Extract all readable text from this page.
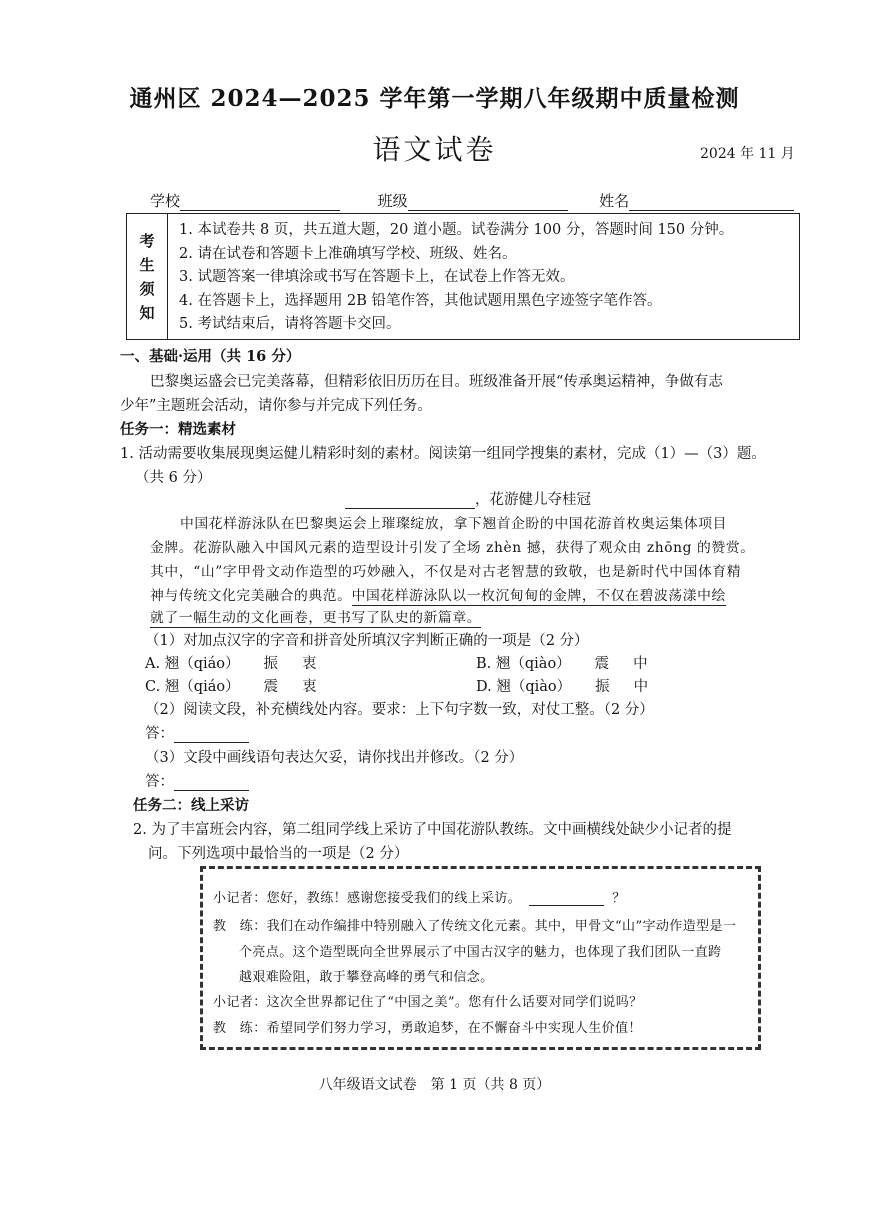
通州区 2024—2025 学年第一学期八年级期中质量检测
语文试卷	2024 年 11 月
学校	班级	姓名
考
生
须
知
1. 本试卷共 8 页，共五道大题，20 道小题。试卷满分 100 分，答题时间 150 分钟。
2. 请在试卷和答题卡上准确填写学校、班级、姓名。
3. 试题答案一律填涂或书写在答题卡上，在试卷上作答无效。
4. 在答题卡上，选择题用 2B 铅笔作答，其他试题用黑色字迹签字笔作答。
5. 考试结束后，请将答题卡交回。
一、基础·运用（共 16 分）
巴黎奥运盛会已完美落幕，但精彩依旧历历在目。班级准备开展“传承奥运精神，争做有志
少年”主题班会活动，请你参与并完成下列任务。
任务一：精选素材
1. 活动需要收集展现奥运健儿精彩时刻的素材。阅读第一组同学搜集的素材，完成（1）—（3）题。
（共 6 分）
，花游健儿夺桂冠
中国花样游泳队在巴黎奥运会上璀璨绽放，拿下翘首企盼的中国花游首枚奥运集体项目
金牌。花游队融入中国风元素的造型设计引发了全场 zhèn 撼，获得了观众由 zhōng 的赞赏。
其中，“山”字甲骨文动作造型的巧妙融入，不仅是对古老智慧的致敬，也是新时代中国体育精
神与传统文化完美融合的典范。中国花样游泳队以一枚沉甸甸的金牌，不仅在碧波荡漾中绘
就了一幅生动的文化画卷，更书写了队史的新篇章。
（1）对加点汉字的字音和拼音处所填汉字判断正确的一项是（2 分）
A. 翘（qiáo） 振 衷	B. 翘（qiào） 震 中
C. 翘（qiáo） 震 衷	D. 翘（qiào） 振 中
（2）阅读文段，补充横线处内容。要求：上下句字数一致，对仗工整。（2 分）
答：
（3）文段中画线语句表达欠妥，请你找出并修改。（2 分）
答：
任务二：线上采访
2. 为了丰富班会内容，第二组同学线上采访了中国花游队教练。文中画横线处缺少小记者的提
问。下列选项中最恰当的一项是（2 分）
小记者：您好，教练！感谢您接受我们的线上采访。	？
教　练：我们在动作编排中特别融入了传统文化元素。其中，甲骨文“山”字动作造型是一
个亮点。这个造型既向全世界展示了中国古汉字的魅力，也体现了我们团队一直跨
越艰难险阻，敢于攀登高峰的勇气和信念。
小记者：这次全世界都记住了“中国之美”。您有什么话要对同学们说吗？
教　练：希望同学们努力学习，勇敢追梦，在不懈奋斗中实现人生价值！
八年级语文试卷　第 1 页（共 8 页）
